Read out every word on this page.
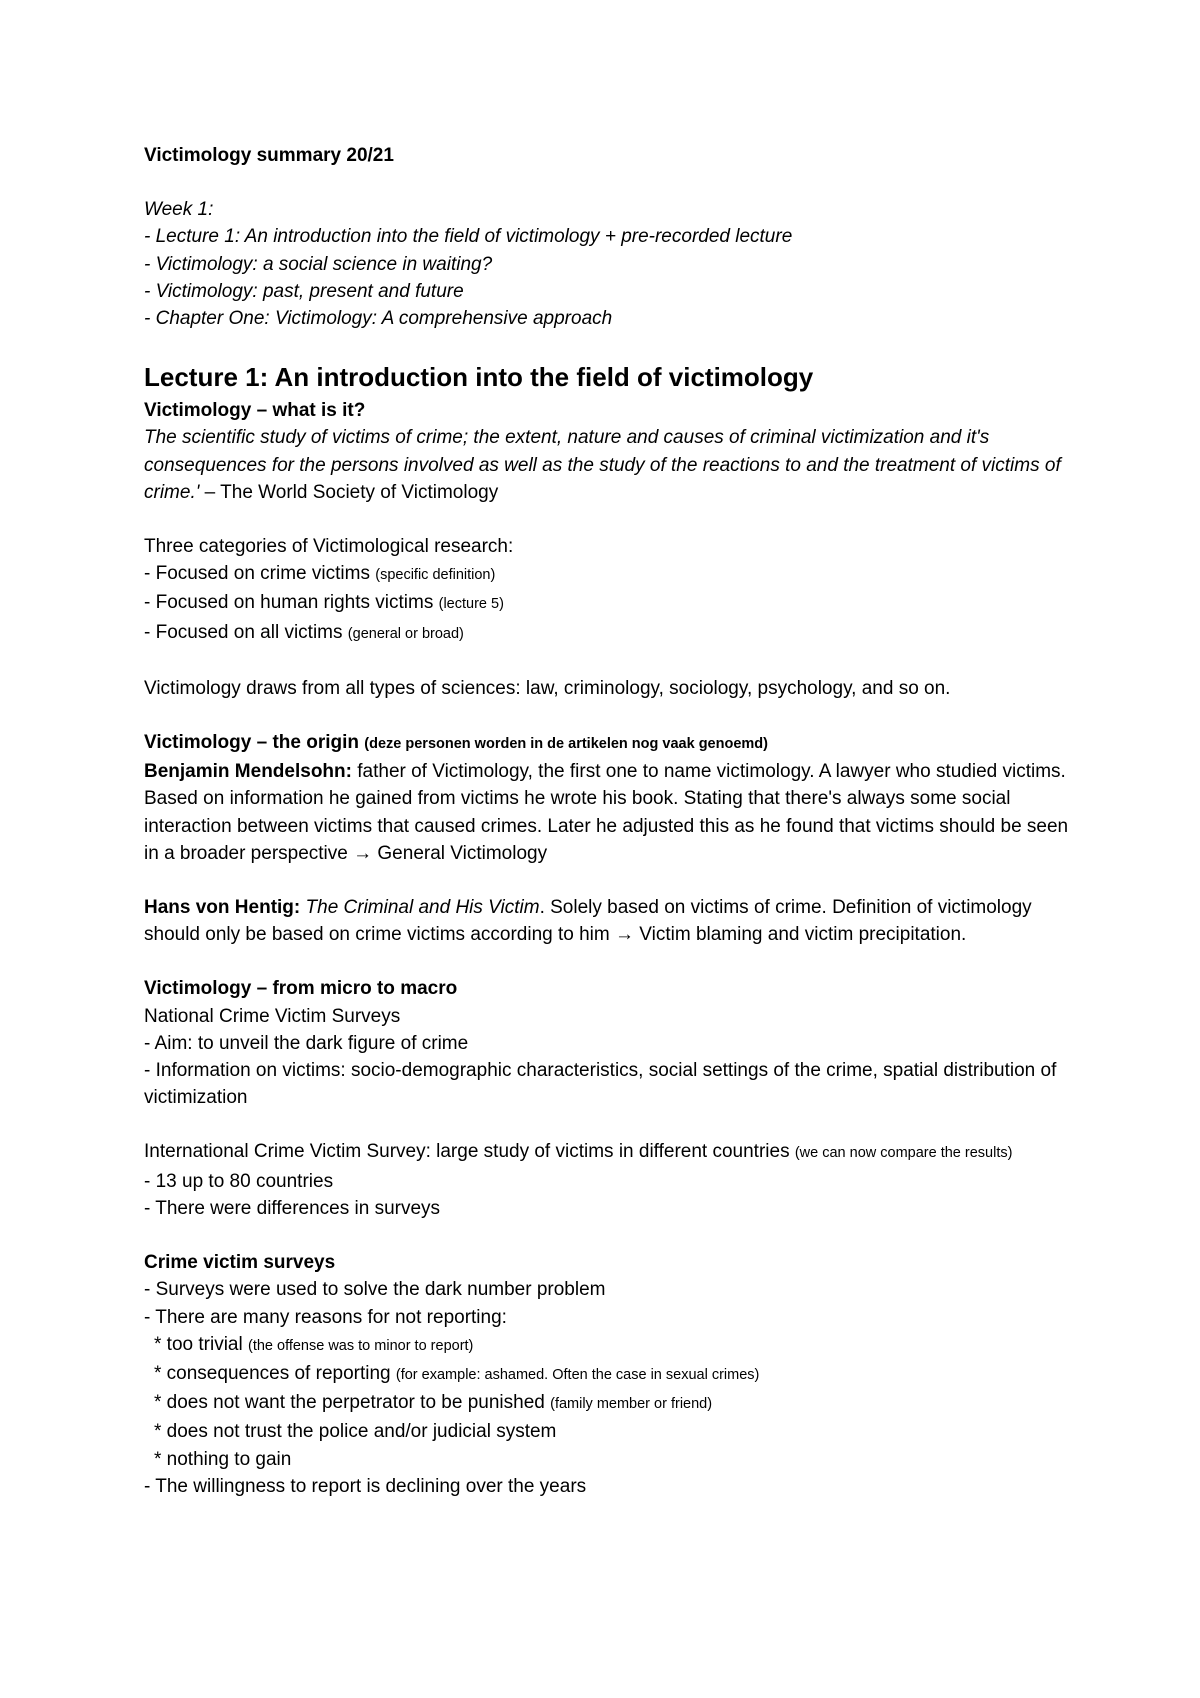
Victimology summary 20/21

Week 1:

- Lecture 1: An introduction into the field of victimology + pre-recorded lecture

- Victimology: a social science in waiting?

- Victimology: past, present and future

- Chapter One: Victimology: A comprehensive approach

Lecture 1: An introduction into the field of victimology

Victimology – what is it?

The scientific study of victims of crime; the extent, nature and causes of criminal victimization and it's consequences for the persons involved as well as the study of the reactions to and the treatment of victims of crime.' – The World Society of Victimology

Three categories of Victimological research:

- Focused on crime victims (specific definition)

- Focused on human rights victims (lecture 5)

- Focused on all victims (general or broad)

Victimology draws from all types of sciences: law, criminology, sociology, psychology, and so on.

Victimology – the origin (deze personen worden in de artikelen nog vaak genoemd)

Benjamin Mendelsohn: father of Victimology, the first one to name victimology. A lawyer who studied victims. Based on information he gained from victims he wrote his book. Stating that there's always some social interaction between victims that caused crimes. Later he adjusted this as he found that victims should be seen in a broader perspective → General Victimology

Hans von Hentig: The Criminal and His Victim. Solely based on victims of crime. Definition of victimology should only be based on crime victims according to him → Victim blaming and victim precipitation.

Victimology – from micro to macro

National Crime Victim Surveys

- Aim: to unveil the dark figure of crime

- Information on victims: socio-demographic characteristics, social settings of the crime, spatial distribution of victimization

International Crime Victim Survey: large study of victims in different countries (we can now compare the results)

- 13 up to 80 countries

- There were differences in surveys

Crime victim surveys

- Surveys were used to solve the dark number problem

- There are many reasons for not reporting:

* too trivial (the offense was to minor to report)

* consequences of reporting (for example: ashamed. Often the case in sexual crimes)

* does not want the perpetrator to be punished (family member or friend)

* does not trust the police and/or judicial system

* nothing to gain

- The willingness to report is declining over the years
